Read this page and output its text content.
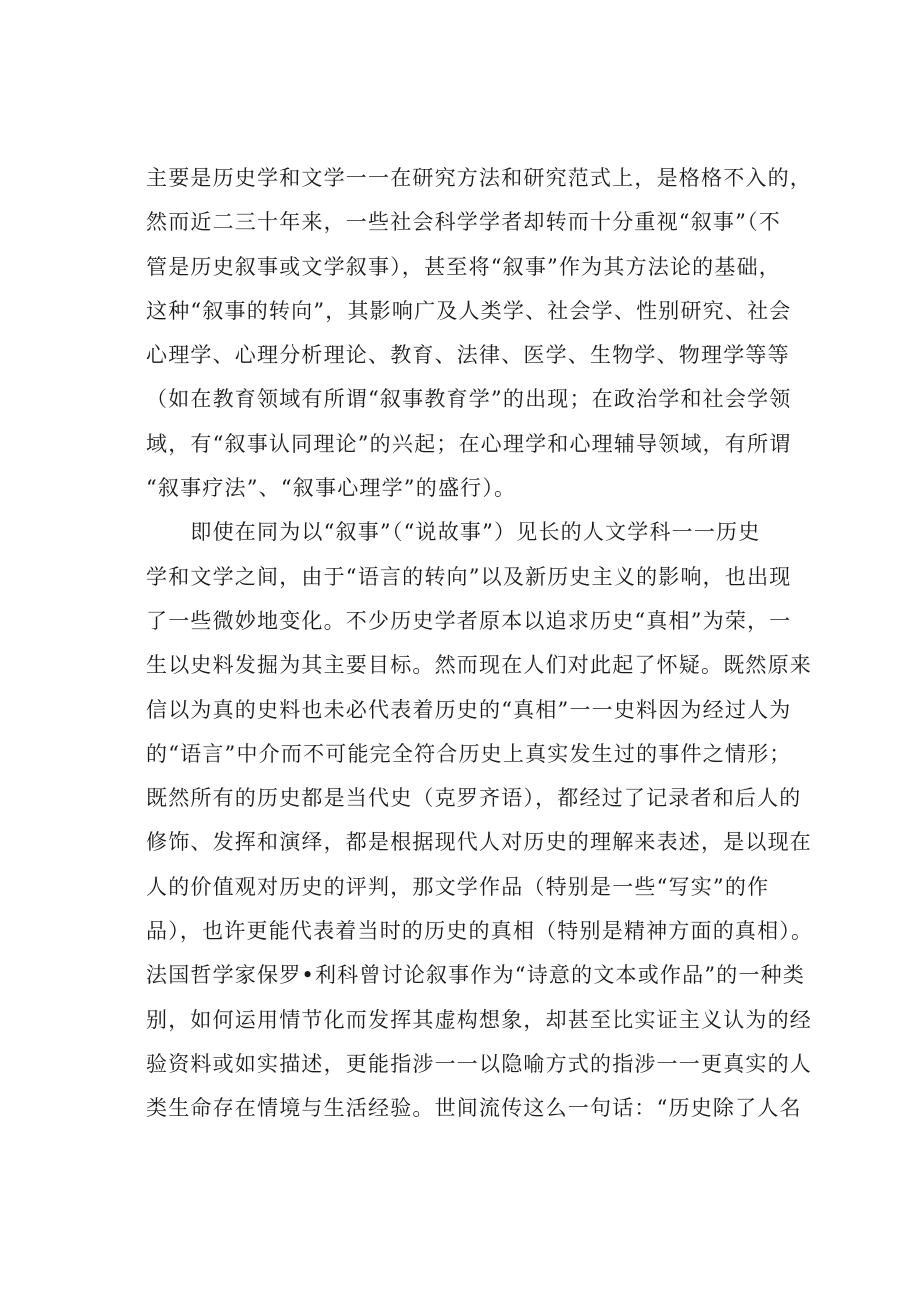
主要是历史学和文学一一在研究方法和研究范式上，是格格不入的，
然而近二三十年来，一些社会科学学者却转而十分重视“叙事”（不
管是历史叙事或文学叙事），甚至将“叙事”作为其方法论的基础，
这种“叙事的转向”，其影响广及人类学、社会学、性别研究、社会
心理学、心理分析理论、教育、法律、医学、生物学、物理学等等
（如在教育领域有所谓“叙事教育学”的出现；在政治学和社会学领
域，有“叙事认同理论”的兴起；在心理学和心理辅导领域，有所谓
“叙事疗法”、“叙事心理学”的盛行）。
　　即使在同为以“叙事”（“说故事”）见长的人文学科一一历史
学和文学之间，由于“语言的转向”以及新历史主义的影响，也出现
了一些微妙地变化。不少历史学者原本以追求历史“真相”为荣，一
生以史料发掘为其主要目标。然而现在人们对此起了怀疑。既然原来
信以为真的史料也未必代表着历史的“真相”一一史料因为经过人为
的“语言”中介而不可能完全符合历史上真实发生过的事件之情形；
既然所有的历史都是当代史（克罗齐语），都经过了记录者和后人的
修饰、发挥和演绎，都是根据现代人对历史的理解来表述，是以现在
人的价值观对历史的评判，那文学作品（特别是一些“写实”的作
品），也许更能代表着当时的历史的真相（特别是精神方面的真相）。
法国哲学家保罗•利科曾讨论叙事作为“诗意的文本或作品”的一种类
别，如何运用情节化而发挥其虚构想象，却甚至比实证主义认为的经
验资料或如实描述，更能指涉一一以隐喻方式的指涉一一更真实的人
类生命存在情境与生活经验。世间流传这么一句话：“历史除了人名
